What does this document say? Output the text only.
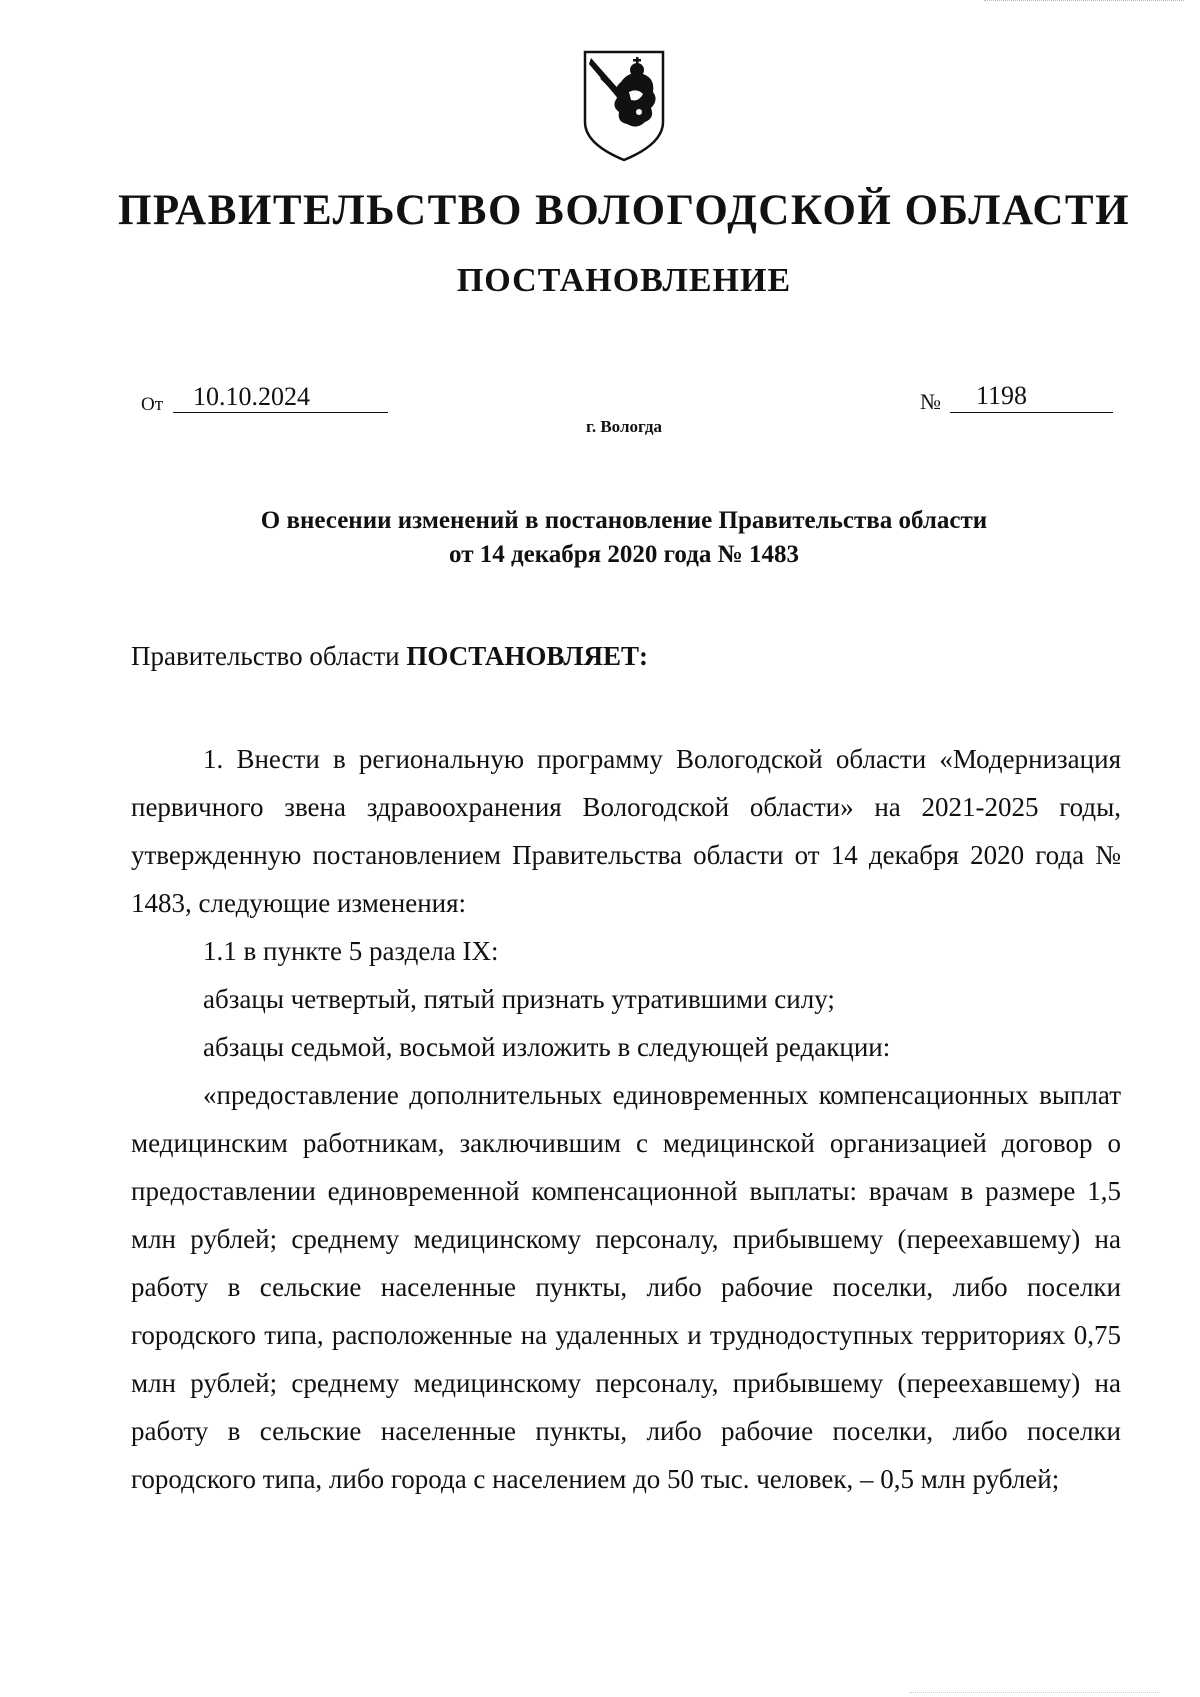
ПРАВИТЕЛЬСТВО ВОЛОГОДСКОЙ ОБЛАСТИ
ПОСТАНОВЛЕНИЕ
От 10.10.2024	№ 1198
г. Вологда
О внесении изменений в постановление Правительства области
от 14 декабря 2020 года № 1483
Правительство области ПОСТАНОВЛЯЕТ:

1. Внести в региональную программу Вологодской области «Модернизация первичного звена здравоохранения Вологодской области» на 2021-2025 годы, утвержденную постановлением Правительства области от 14 декабря 2020 года № 1483, следующие изменения:

1.1 в пункте 5 раздела IX:

абзацы четвертый, пятый признать утратившими силу;

абзацы седьмой, восьмой изложить в следующей редакции:

«предоставление дополнительных единовременных компенсационных выплат медицинским работникам, заключившим с медицинской организацией договор о предоставлении единовременной компенсационной выплаты: врачам в размере 1,5 млн рублей; среднему медицинскому персоналу, прибывшему (переехавшему) на работу в сельские населенные пункты, либо рабочие поселки, либо поселки городского типа, расположенные на удаленных и труднодоступных территориях 0,75 млн рублей; среднему медицинскому персоналу, прибывшему (переехавшему) на работу в сельские населенные пункты, либо рабочие поселки, либо поселки городского типа, либо города с населением до 50 тыс. человек, – 0,5 млн рублей;
